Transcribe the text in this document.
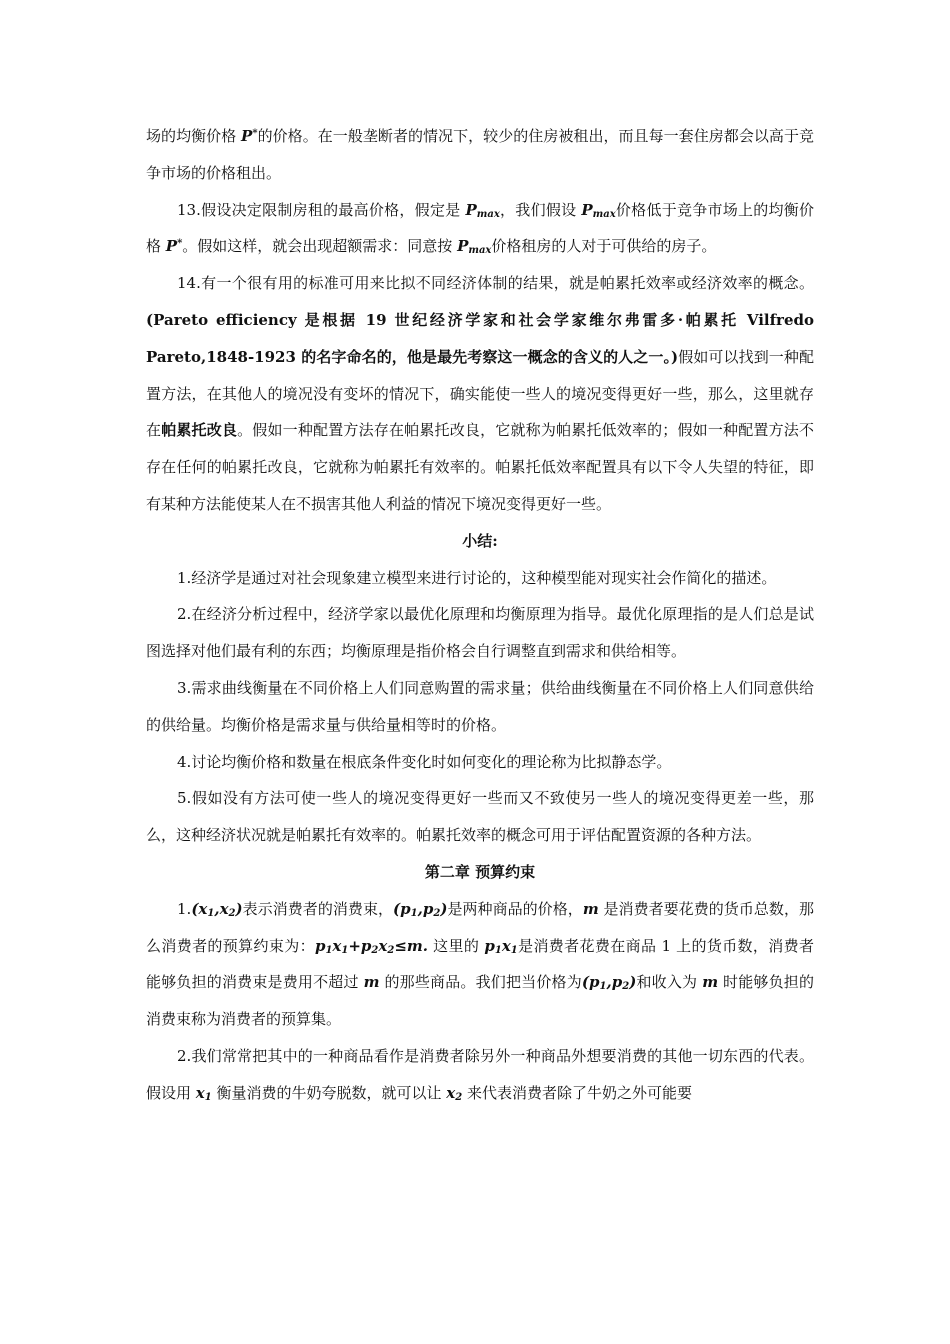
场的均衡价格 P*的价格。在一般垄断者的情况下，较少的住房被租出，而且每一套住房都会以高于竞争市场的价格租出。

13.假设决定限制房租的最高价格，假定是 $P_{max}$，我们假设 $P_{max}$价格低于竞争市场上的均衡价格 P*。假如这样，就会出现超额需求：同意按 $P_{max}$价格租房的人对于可供给的房子。

14.有一个很有用的标准可用来比拟不同经济体制的结果，就是帕累托效率或经济效率的概念。(Pareto efficiency 是根据 19 世纪经济学家和社会学家维尔弗雷多·帕累托 Vilfredo Pareto,1848-1923 的名字命名的，他是最先考察这一概念的含义的人之一。)假如可以找到一种配置方法，在其他人的境况没有变坏的情况下，确实能使一些人的境况变得更好一些，那么，这里就存在帕累托改良。假如一种配置方法存在帕累托改良，它就称为帕累托低效率的；假如一种配置方法不存在任何的帕累托改良，它就称为帕累托有效率的。帕累托低效率配置具有以下令人失望的特征，即有某种方法能使某人在不损害其他人利益的情况下境况变得更好一些。

小结:

1.经济学是通过对社会现象建立模型来进行讨论的，这种模型能对现实社会作简化的描述。

2.在经济分析过程中，经济学家以最优化原理和均衡原理为指导。最优化原理指的是人们总是试图选择对他们最有利的东西；均衡原理是指价格会自行调整直到需求和供给相等。

3.需求曲线衡量在不同价格上人们同意购置的需求量；供给曲线衡量在不同价格上人们同意供给的供给量。均衡价格是需求量与供给量相等时的价格。

4.讨论均衡价格和数量在根底条件变化时如何变化的理论称为比拟静态学。

5.假如没有方法可使一些人的境况变得更好一些而又不致使另一些人的境况变得更差一些，那么，这种经济状况就是帕累托有效率的。帕累托效率的概念可用于评估配置资源的各种方法。

第二章 预算约束

$1.(x_1,x_2)$表示消费者的消费束，$(p_1,p_2)$是两种商品的价格，m 是消费者要花费的货币总数，那么消费者的预算约束为：$p_1x_1+p_2x_2\le m$. 这里的 $p_1x_1$是消费者花费在商品 1 上的货币数，消费者能够负担的消费束是费用不超过 m 的那些商品。我们把当价格为$(p_1,p_2)$和收入为 m 时能够负担的消费束称为消费者的预算集。

2.我们常常把其中的一种商品看作是消费者除另外一种商品外想要消费的其他一切东西的代表。假设用 $x_1$ 衡量消费的牛奶夸脱数，就可以让 $x_2$ 来代表消费者除了牛奶之外可能要
